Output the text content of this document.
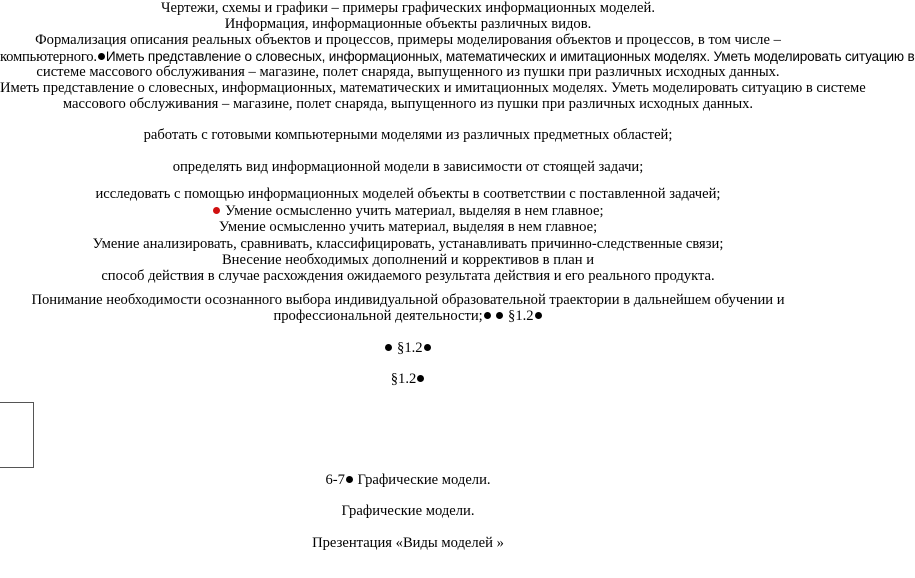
Чертежи, схемы и графики – примеры графических информационных моделей.
Информация, информационные объекты различных видов.
Формализация описания реальных объектов и процессов, примеры моделирования объектов и процессов, в том числе –
компьютерного. Иметь представление о словесных, информационных, математических и имитационных моделях. Уметь моделировать ситуацию в
системе массового обслуживания – магазине, полет снаряда, выпущенного из пушки при различных исходных данных.
Иметь представление о словесных, информационных, математических и имитационных моделях. Уметь моделировать ситуацию в системе
массового обслуживания – магазине, полет снаряда, выпущенного из пушки при различных исходных данных.
работать с готовыми компьютерными моделями из различных предметных областей;
определять вид информационной модели в зависимости от стоящей задачи;
исследовать с помощью информационных моделей объекты в соответствии с поставленной задачей;
Умение осмысленно учить материал, выделяя в нем главное;
Умение осмысленно учить материал, выделяя в нем главное;
Умение анализировать, сравнивать, классифицировать, устанавливать причинно-следственные связи;
Внесение необходимых дополнений и коррективов в план и
способ действия в случае расхождения ожидаемого результата действия и его реального продукта.
Понимание необходимости осознанного выбора индивидуальной образовательной траектории в дальнейшем обучении и
профессиональной деятельности;  §1.2
§1.2
§1.2
6-7 Графические модели.
Графические модели.
Презентация «Виды моделей »
